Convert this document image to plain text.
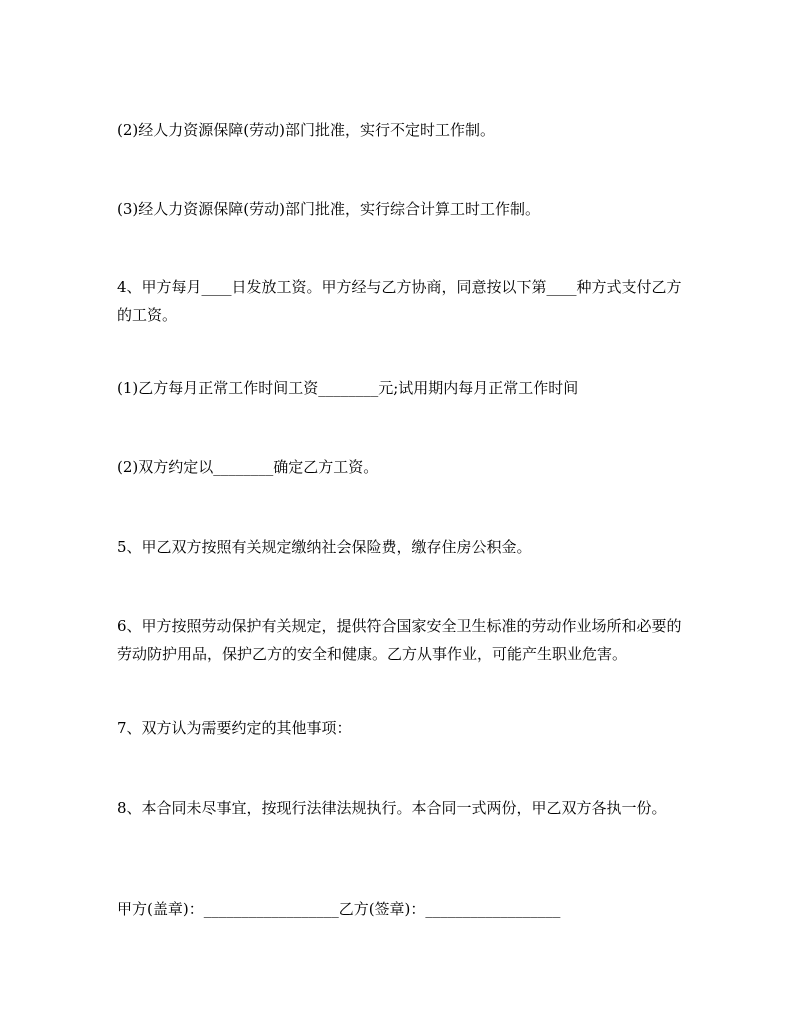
(2)经人力资源保障(劳动)部门批准，实行不定时工作制。

(3)经人力资源保障(劳动)部门批准，实行综合计算工时工作制。

4、甲方每月____日发放工资。甲方经与乙方协商，同意按以下第____种方式支付乙方的工资。

(1)乙方每月正常工作时间工资________元;试用期内每月正常工作时间

(2)双方约定以________确定乙方工资。

5、甲乙双方按照有关规定缴纳社会保险费，缴存住房公积金。

6、甲方按照劳动保护有关规定，提供符合国家安全卫生标准的劳动作业场所和必要的劳动防护用品，保护乙方的安全和健康。乙方从事作业，可能产生职业危害。

7、双方认为需要约定的其他事项：

8、本合同未尽事宜，按现行法律法规执行。本合同一式两份，甲乙双方各执一份。

甲方(盖章)：__________________乙方(签章)：__________________
